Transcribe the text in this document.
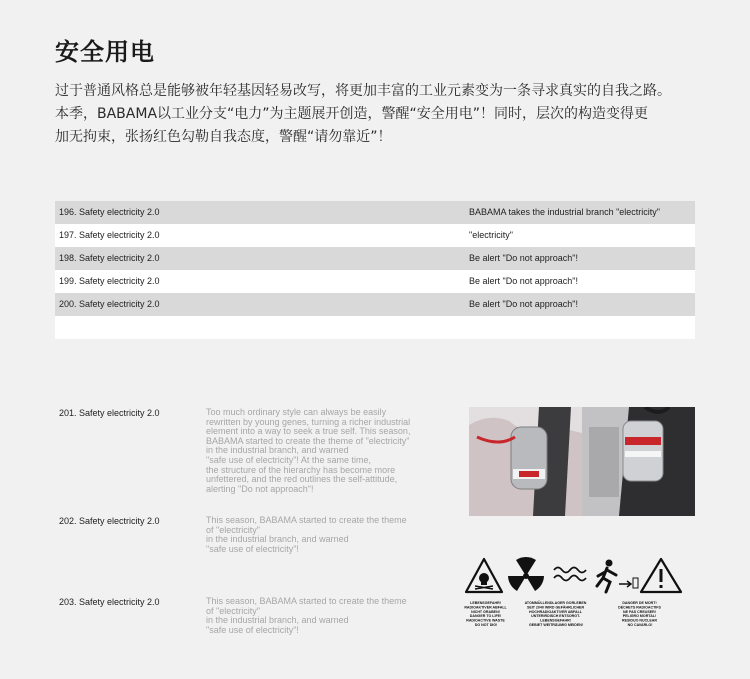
安全用电

过于普通风格总是能够被年轻基因轻易改写，将更加丰富的工业元素变为一条寻求真实的自我之路。

本季，BABAMA以工业分支“电力”为主题展开创造，警醒“安全用电”！同时，层次的构造变得更

加无拘束，张扬红色勾勒自我态度，警醒“请勿靠近”！

196. Safety electricity 2.0	BABAMA takes the industrial branch "electricity"
197. Safety electricity 2.0	"electricity"
198. Safety electricity 2.0	Be alert "Do not approach"!
199. Safety electricity 2.0	Be alert "Do not approach"!
200. Safety electricity 2.0	Be alert "Do not approach"!
201. Safety electricity 2.0	Too much ordinary style can always be easily
rewritten by young genes, turning a richer industrial
element into a way to seek a true self. This season,
BABAMA started to create the theme of "electricity"
in the industrial branch, and warned
"safe use of electricity"! At the same time,
the structure of the hierarchy has become more
unfettered, and the red outlines the self-attitude,
alerting "Do not approach"!
202. Safety electricity 2.0	This season, BABAMA started to create the theme
of "electricity"
in the industrial branch, and warned
"safe use of electricity"!
203. Safety electricity 2.0	This season, BABAMA started to create the theme
of "electricity"
in the industrial branch, and warned
"safe use of electricity"!
LEBENSGEFAHR! RADIOAKTIVER ABFALL NICHT GRABEN! DANGER TO LIFE! RADIOACTIVE WASTE DO NOT DIG!
ATOMMÜLLENDLAGER GORLEBEN SEIT 2040 WIRD GEFÄHRLICHER HOCHRADIOAKTIVER ABFALL UNTERIRDISCH ENTSORGT. LEBENSGEFAHR! GEBIET WEITRÄUMIG MEIDEN!
DANGER DE MORT! DÉCHETS RADIOACTIFS NE PAS CREUSER! PELIGRO MORTAL! RESIDUO NUCLEAR NO CAVARLO!
